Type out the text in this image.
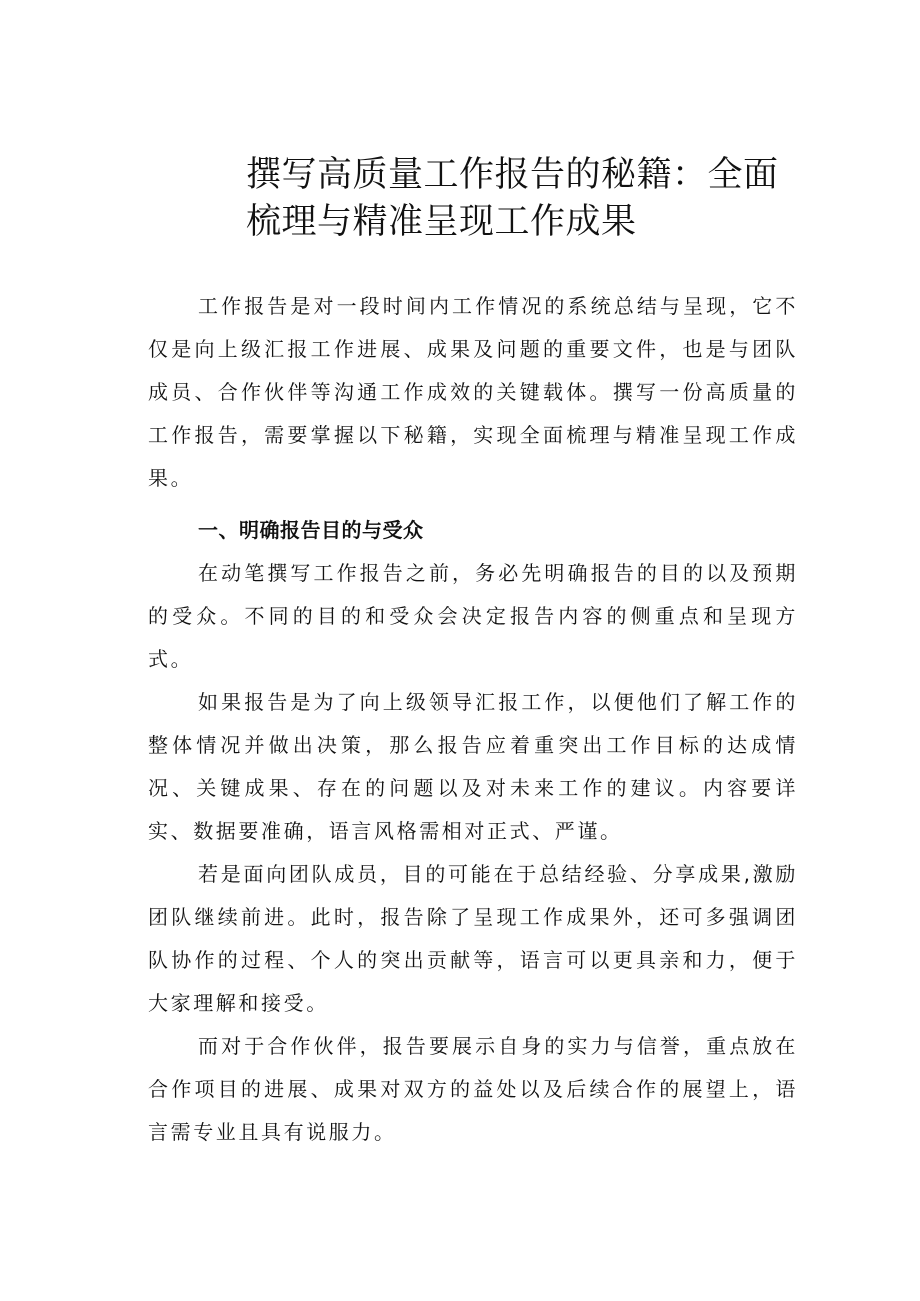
撰写高质量工作报告的秘籍：全面梳理与精准呈现工作成果

工作报告是对一段时间内工作情况的系统总结与呈现，它不仅是向上级汇报工作进展、成果及问题的重要文件，也是与团队成员、合作伙伴等沟通工作成效的关键载体。撰写一份高质量的工作报告，需要掌握以下秘籍，实现全面梳理与精准呈现工作成果。

一、明确报告目的与受众

在动笔撰写工作报告之前，务必先明确报告的目的以及预期的受众。不同的目的和受众会决定报告内容的侧重点和呈现方式。

如果报告是为了向上级领导汇报工作，以便他们了解工作的整体情况并做出决策，那么报告应着重突出工作目标的达成情况、关键成果、存在的问题以及对未来工作的建议。内容要详实、数据要准确，语言风格需相对正式、严谨。

若是面向团队成员，目的可能在于总结经验、分享成果,激励团队继续前进。此时，报告除了呈现工作成果外，还可多强调团队协作的过程、个人的突出贡献等，语言可以更具亲和力，便于大家理解和接受。

而对于合作伙伴，报告要展示自身的实力与信誉，重点放在合作项目的进展、成果对双方的益处以及后续合作的展望上，语言需专业且具有说服力。
